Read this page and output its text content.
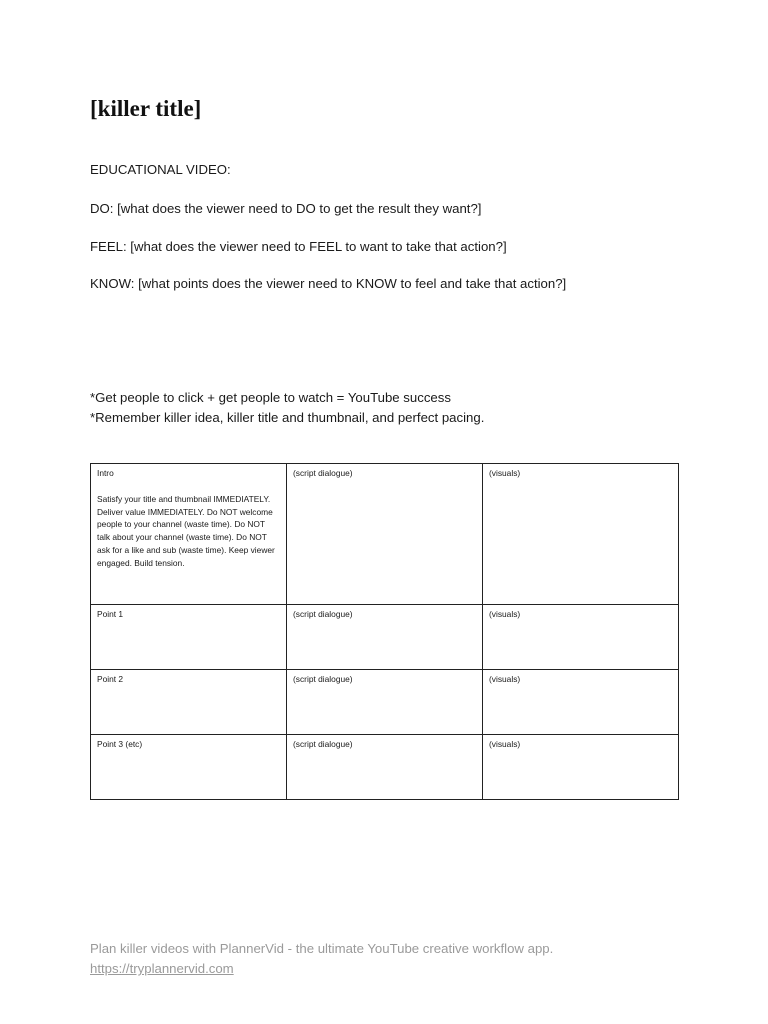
[killer title]

EDUCATIONAL VIDEO:

DO: [what does the viewer need to DO to get the result they want?]

FEEL: [what does the viewer need to FEEL to want to take that action?]

KNOW: [what points does the viewer need to KNOW to feel and take that action?]

*Get people to click + get people to watch = YouTube success

*Remember killer idea, killer title and thumbnail, and perfect pacing.

Intro
Satisfy your title and thumbnail IMMEDIATELY. Deliver value IMMEDIATELY. Do NOT welcome people to your channel (waste time). Do NOT talk about your channel (waste time). Do NOT ask for a like and sub (waste time). Keep viewer engaged. Build tension.	(script dialogue)	(visuals)

Point 1	(script dialogue)	(visuals)

Point 2	(script dialogue)	(visuals)

Point 3 (etc)	(script dialogue)	(visuals)
Plan killer videos with PlannerVid - the ultimate YouTube creative workflow app.
https://tryplannervid.com
